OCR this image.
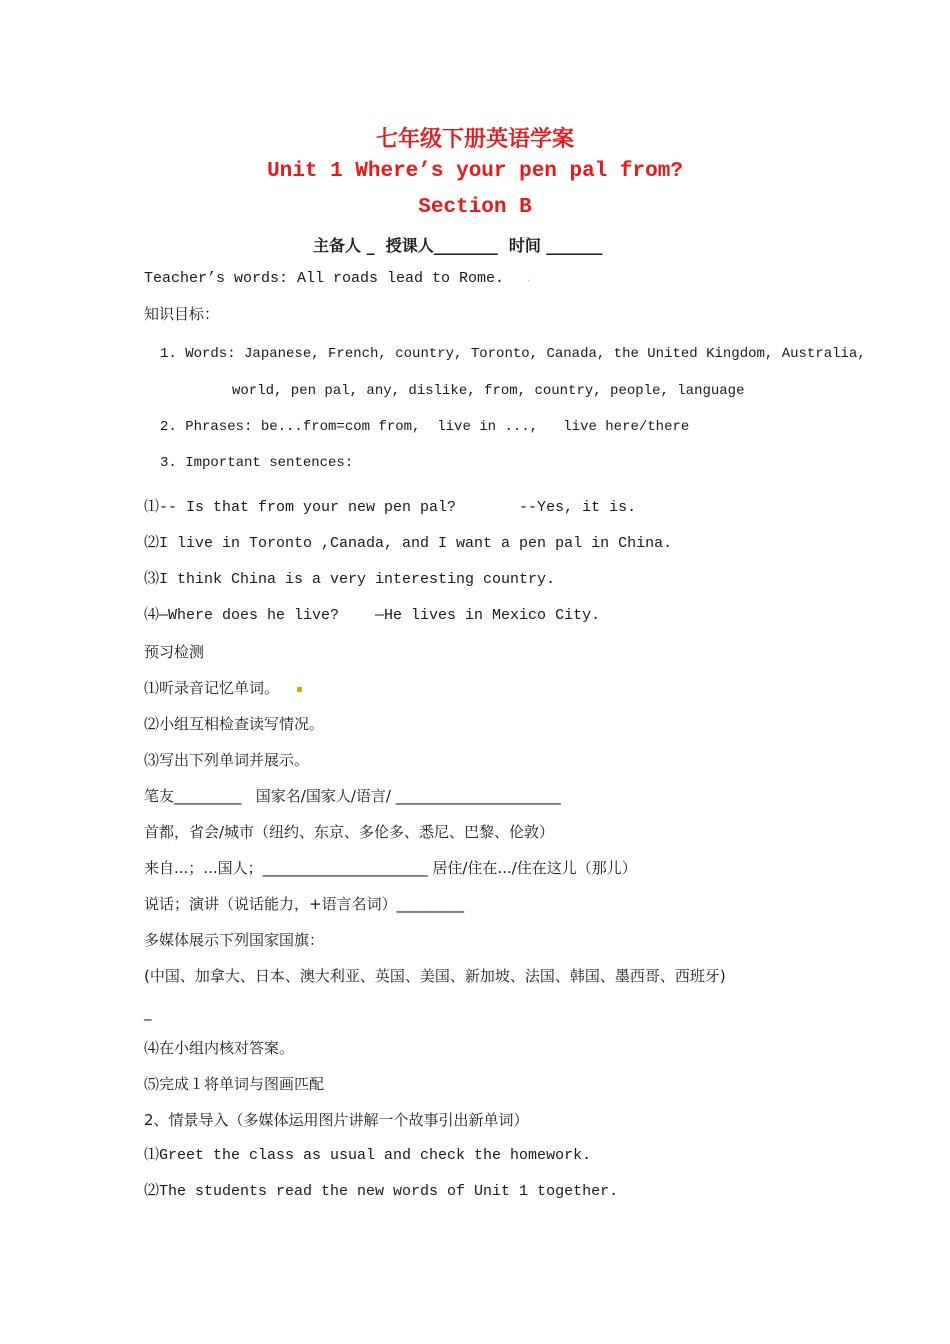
七年级下册英语学案
Unit 1 Where’s your pen pal from?
Section B
主备人 _  授课人________  时间 _______
Teacher’s words: All roads lead to Rome. .
知识目标：
1. Words: Japanese, French, country, Toronto, Canada, the United Kingdom, Australia,
world, pen pal, any, dislike, from, country, people, language
2. Phrases: be...from=com from,  live in ...,   live here/there
3. Important sentences:
⑴-- Is that from your new pen pal?       --Yes, it is.
⑵I live in Toronto ,Canada, and I want a pen pal in China.
⑶I think China is a very interesting country.
⑷—Where does he live?    —He lives in Mexico City.
预习检测
⑴听录音记忆单词。 ▪
⑵小组互相检查读写情况。
⑶写出下列单词并展示。
笔友_________   国家名/国家人/语言/ ______________________
首都，省会/城市（纽约、东京、多伦多、悉尼、巴黎、伦敦）
来自...；...国人；______________________ 居住/住在.../住在这儿（那儿）
说话；演讲（说话能力，+语言名词）_________
多媒体展示下列国家国旗：
(中国、加拿大、日本、澳大利亚、英国、美国、新加坡、法国、韩国、墨西哥、西班牙)
_
⑷在小组内核对答案。
⑸完成１将单词与图画匹配
2、情景导入（多媒体运用图片讲解一个故事引出新单词）
⑴Greet the class as usual and check the homework.
⑵The students read the new words of Unit 1 together.
